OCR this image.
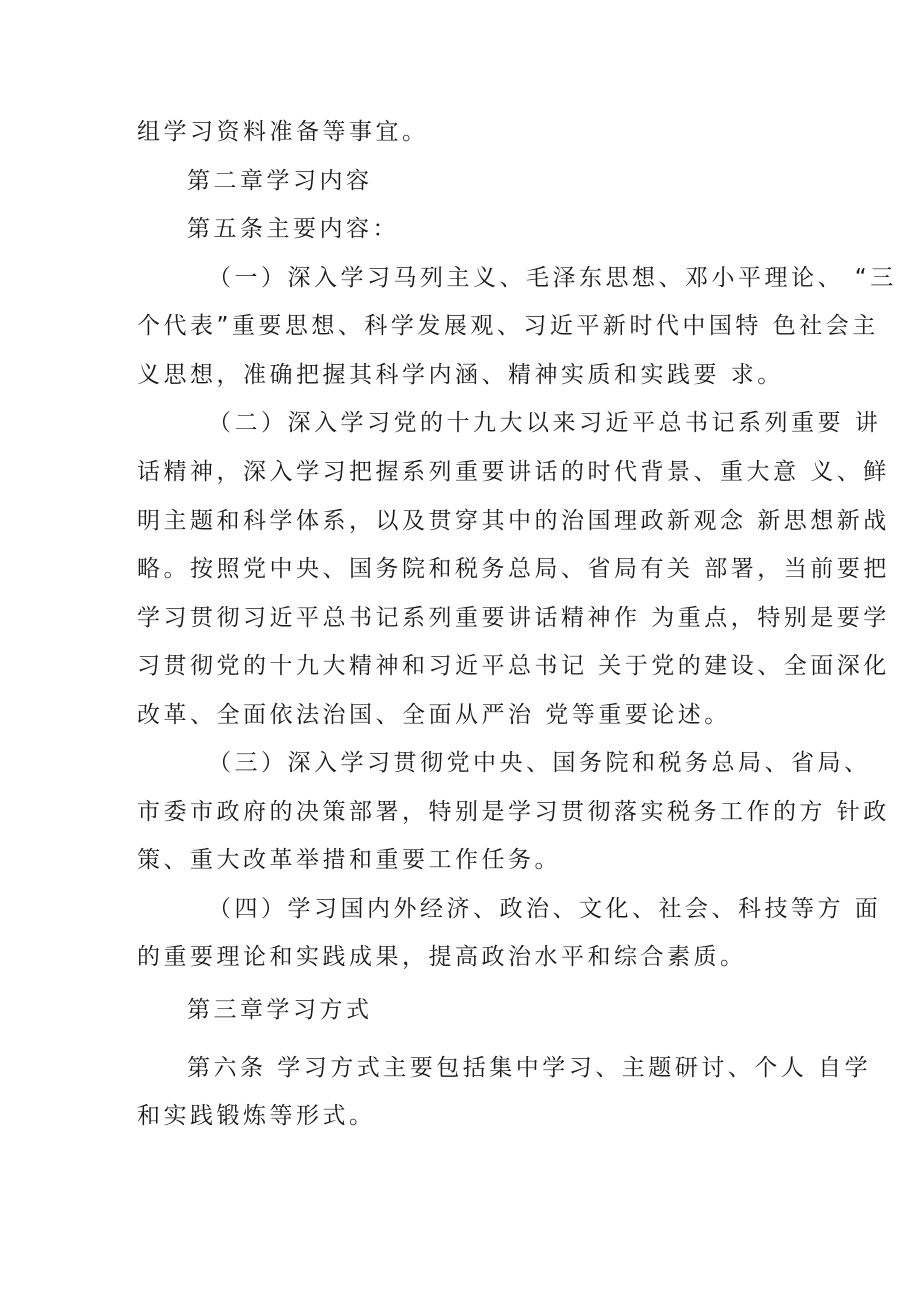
组学习资料准备等事宜。
第二章学习内容
第五条主要内容：
（一）深入学习马列主义、毛泽东思想、邓小平理论、 “三
个代表”重要思想、科学发展观、习近平新时代中国特 色社会主
义思想，准确把握其科学内涵、精神实质和实践要 求。
（二）深入学习党的十九大以来习近平总书记系列重要 讲
话精神，深入学习把握系列重要讲话的时代背景、重大意 义、鲜
明主题和科学体系，以及贯穿其中的治国理政新观念 新思想新战
略。按照党中央、国务院和税务总局、省局有关 部署，当前要把
学习贯彻习近平总书记系列重要讲话精神作 为重点，特别是要学
习贯彻党的十九大精神和习近平总书记 关于党的建设、全面深化
改革、全面依法治国、全面从严治 党等重要论述。
（三）深入学习贯彻党中央、国务院和税务总局、省局、
市委市政府的决策部署，特别是学习贯彻落实税务工作的方 针政
策、重大改革举措和重要工作任务。
（四）学习国内外经济、政治、文化、社会、科技等方 面
的重要理论和实践成果，提高政治水平和综合素质。
第三章学习方式
第六条 学习方式主要包括集中学习、主题研讨、个人 自学
和实践锻炼等形式。
